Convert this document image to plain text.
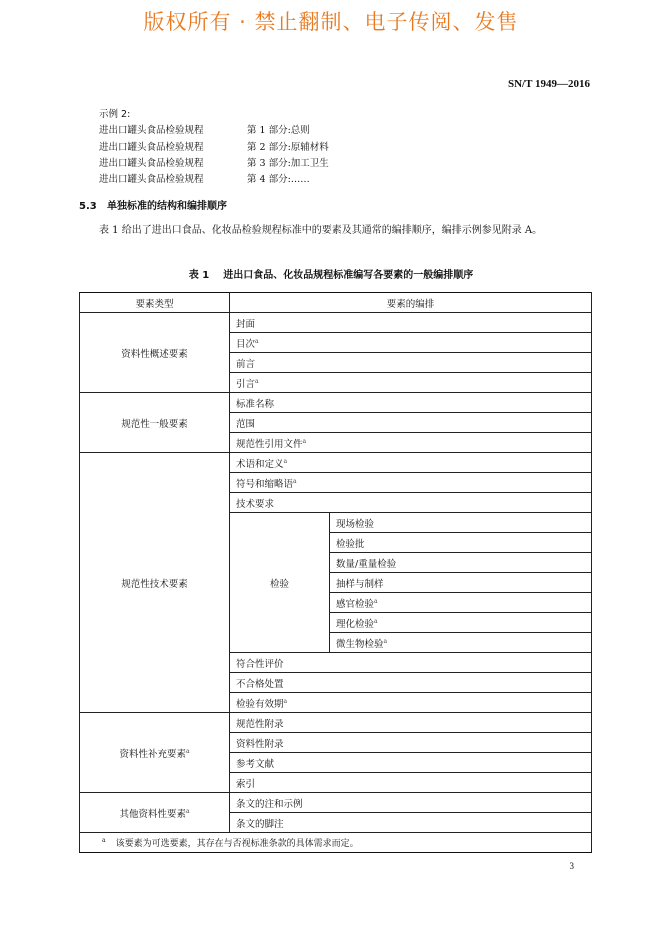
版权所有 · 禁止翻制、电子传阅、发售
SN/T 1949—2016
示例 2:
进出口罐头食品检验规程	第 1 部分:总则
进出口罐头食品检验规程	第 2 部分:原辅材料
进出口罐头食品检验规程	第 3 部分:加工卫生
进出口罐头食品检验规程	第 4 部分:……
5.3 单独标准的结构和编排顺序
表 1 给出了进出口食品、化妆品检验规程标准中的要素及其通常的编排顺序，编排示例参见附录 A。
表 1 进出口食品、化妆品规程标准编写各要素的一般编排顺序
要素类型	要素的编排	
资料性概述要素	封面	
	目次$^a$
	前言	
	引言$^a$
规范性一般要素	标准名称	
	范围	
	规范性引用文件$^a$
规范性技术要素	术语和定义$^a$
	符号和缩略语$^a$
	技术要求	
	检验	现场检验
		检验批
		数量/重量检验
		抽样与制样
		感官检验$^a$
		理化检验$^a$
		微生物检验$^a$
	符合性评价	
	不合格处置	
	检验有效期$^a$
资料性补充要素$^a$	规范性附录	
	资料性附录	
	参考文献	
	索引	
其他资料性要素$^a$	条文的注和示例	
	条文的脚注	
$^a$ 该要素为可选要素，其存在与否视标准条款的具体需求而定。		
3
